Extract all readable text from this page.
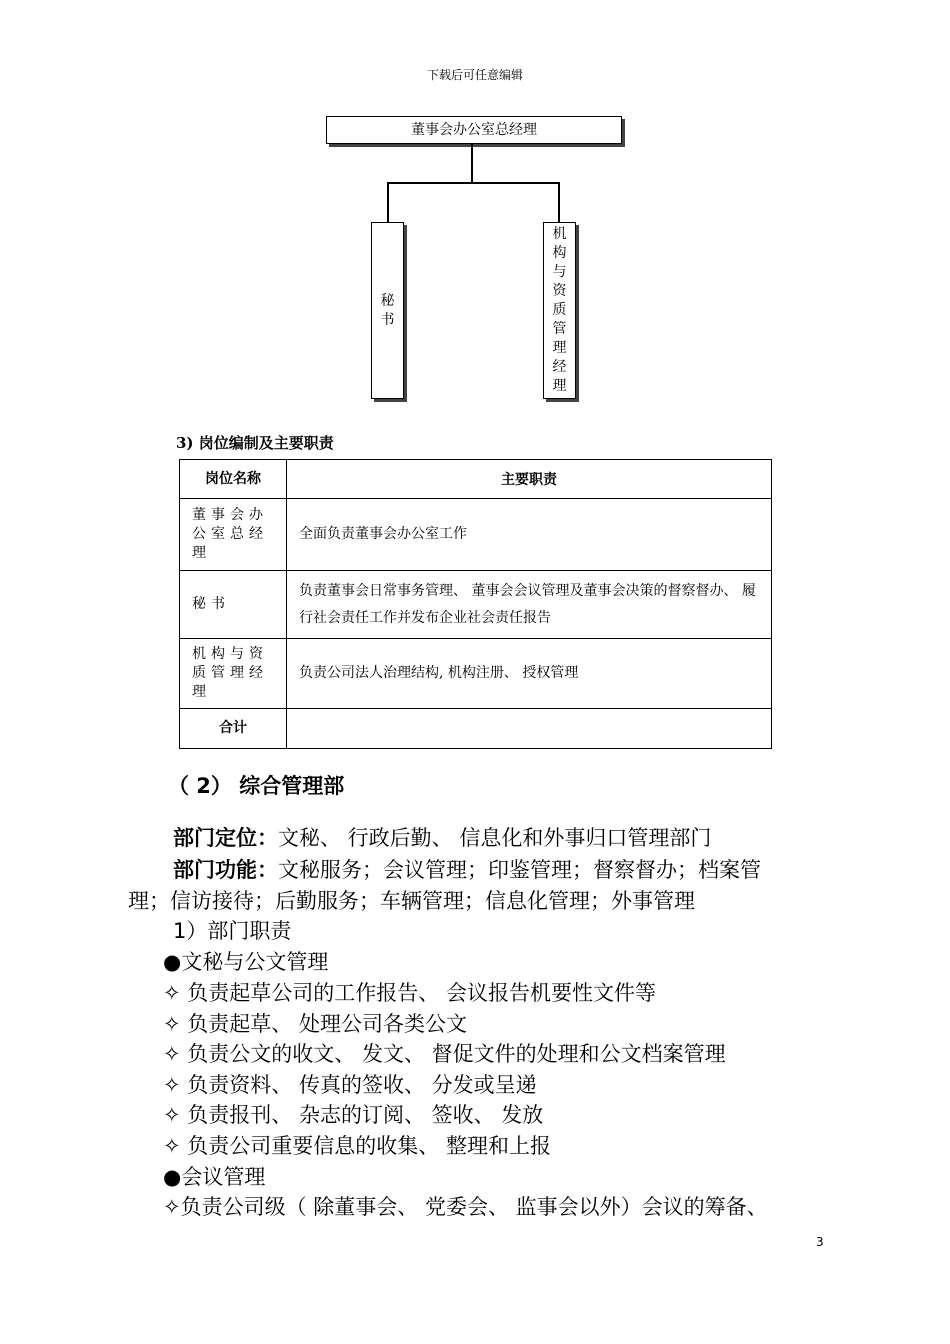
下载后可任意编辑
董事会办公室总经理
秘
书
机
构
与
资
质
管
理
经
理
3) 岗位编制及主要职责
岗位名称	主要职责

董事会办
公室总经
理	全面负责董事会办公室工作
秘书	负责董事会日常事务管理、 董事会会议管理及董事会决策的督察督办、 履行社会责任工作并发布企业社会责任报告

机构与资
质管理经
理	负责公司法人治理结构, 机构注册、 授权管理
合计	
（ 2） 综合管理部
部门定位：文秘、 行政后勤、 信息化和外事归口管理部门
部门功能：文秘服务；会议管理；印鉴管理；督察督办；档案管
理；信访接待；后勤服务；车辆管理；信息化管理；外事管理
1）部门职责
●文秘与公文管理
✧ 负责起草公司的工作报告、 会议报告机要性文件等
✧ 负责起草、 处理公司各类公文
✧ 负责公文的收文、 发文、 督促文件的处理和公文档案管理
✧ 负责资料、 传真的签收、 分发或呈递
✧ 负责报刊、 杂志的订阅、 签收、 发放
✧ 负责公司重要信息的收集、 整理和上报
●会议管理
✧负责公司级（ 除董事会、 党委会、 监事会以外）会议的筹备、
3
